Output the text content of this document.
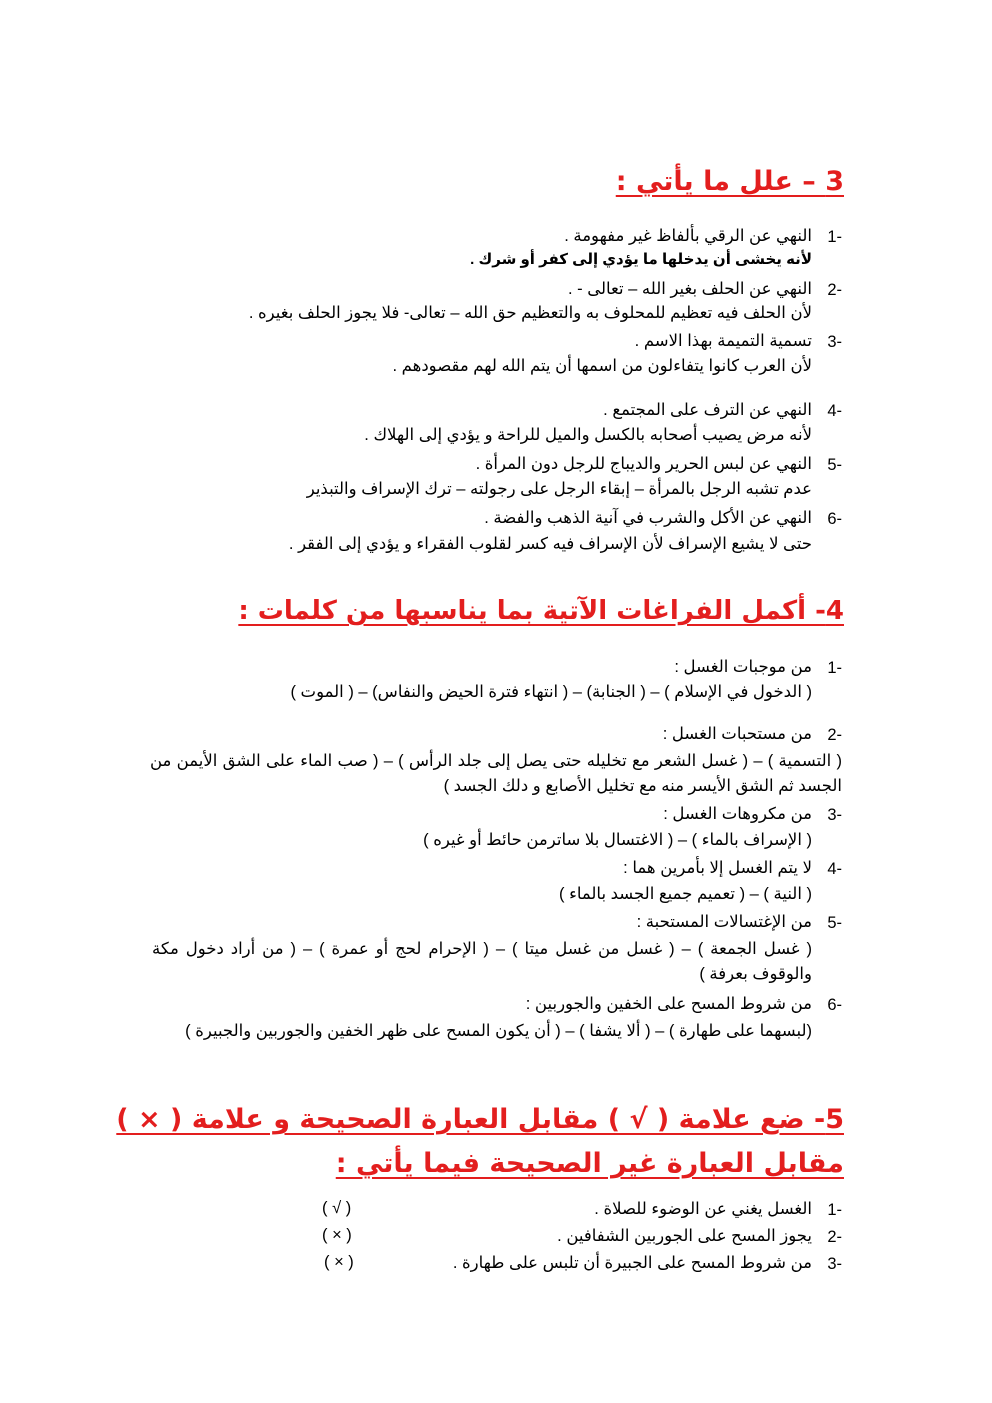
3 – علل ما يأتي :
1-
النهي عن الرقي بألفاظ غير مفهومة .
لأنه يخشى أن يدخلها ما يؤدي إلى كفر أو شرك .
2-
النهي عن الحلف بغير الله – تعالى - .
لأن الحلف فيه تعظيم للمحلوف به والتعظيم حق الله – تعالى- فلا يجوز الحلف بغيره .
3-
تسمية التميمة بهذا الاسم .
لأن العرب كانوا يتفاءلون من اسمها أن يتم الله لهم مقصودهم .
4-
النهي عن الترف على المجتمع .
لأنه مرض يصيب أصحابه بالكسل والميل للراحة و يؤدي إلى الهلاك .
5-
النهي عن لبس الحرير والديباج للرجل دون المرأة .
عدم تشبه الرجل بالمرأة – إبقاء الرجل على رجولته – ترك الإسراف والتبذير
6-
النهي عن الأكل والشرب في آنية الذهب والفضة .
حتى لا يشيع الإسراف لأن الإسراف فيه كسر لقلوب الفقراء و يؤدي إلى الفقر .
4- أكمل الفراغات الآتية بما يناسبها من كلمات :
1-
من موجبات الغسل :
( الدخول في الإسلام ) – ( الجنابة) – ( انتهاء فترة الحيض والنفاس) – ( الموت )
2-
من مستحبات الغسل :
( التسمية ) – ( غسل الشعر مع تخليله حتى يصل إلى جلد الرأس ) – ( صب الماء على الشق الأيمن من الجسد ثم الشق الأيسر منه مع تخليل الأصابع و دلك الجسد )
3-
من مكروهات الغسل :
( الإسراف بالماء ) – ( الاغتسال بلا ساترمن حائط أو غيره )
4-
لا يتم الغسل إلا بأمرين هما :
( النية ) – ( تعميم جميع الجسد بالماء )
5-
من الإغتسالات المستحبة :
( غسل الجمعة ) – ( غسل من غسل ميتا ) – ( الإحرام لحج أو عمرة ) – ( من أراد دخول مكة والوقوف بعرفة )
6-
من شروط المسح على الخفين والجوربين :
(لبسهما على طهارة ) – ( ألا يشفا ) – ( أن يكون المسح على ظهر الخفين والجوربين والجبيرة )
5- ضع علامة ( √ ) مقابل العبارة الصحيحة و علامة ( × )
مقابل العبارة غير الصحيحة فيما يأتي :
1-
الغسل يغني عن الوضوء للصلاة .
( √ )
2-
يجوز المسح على الجوربين الشفافين .
( × )
3-
من شروط المسح على الجبيرة أن تلبس على طهارة .
( × )
